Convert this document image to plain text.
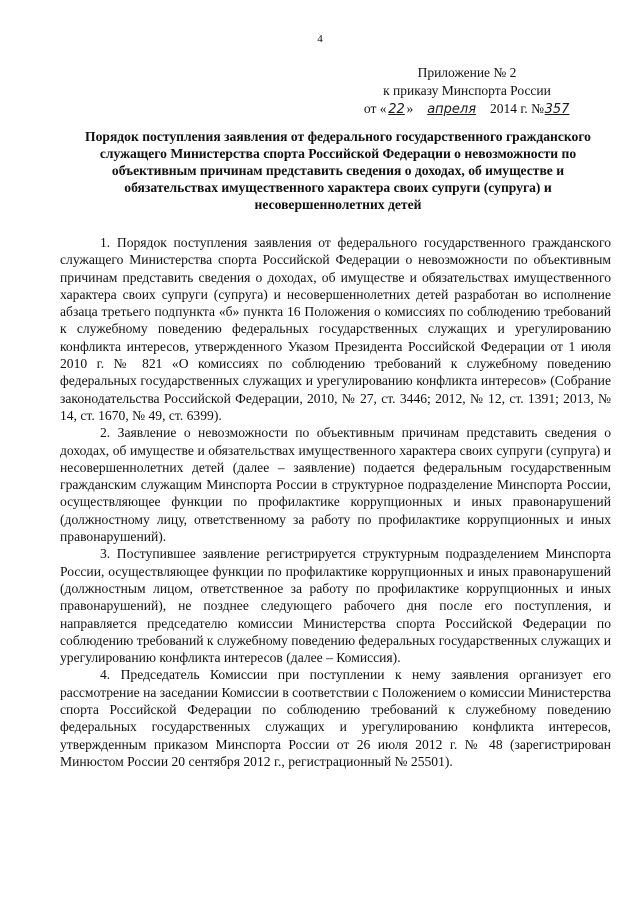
4
Приложение № 2
к приказу Минспорта России
от « 22 » апреля 2014 г. №357
Порядок поступления заявления от федерального государственного гражданского служащего Министерства спорта Российской Федерации о невозможности по объективным причинам представить сведения о доходах, об имуществе и обязательствах имущественного характера своих супруги (супруга) и несовершеннолетних детей

1. Порядок поступления заявления от федерального государственного гражданского служащего Министерства спорта Российской Федерации о невозможности по объективным причинам представить сведения о доходах, об имуществе и обязательствах имущественного характера своих супруги (супруга) и несовершеннолетних детей разработан во исполнение абзаца третьего подпункта «б» пункта 16 Положения о комиссиях по соблюдению требований к служебному поведению федеральных государственных служащих и урегулированию конфликта интересов, утвержденного Указом Президента Российской Федерации от 1 июля 2010 г. № 821 «О комиссиях по соблюдению требований к служебному поведению федеральных государственных служащих и урегулированию конфликта интересов» (Собрание законодательства Российской Федерации, 2010, № 27, ст. 3446; 2012, № 12, ст. 1391; 2013, № 14, ст. 1670, № 49, ст. 6399).

2. Заявление о невозможности по объективным причинам представить сведения о доходах, об имуществе и обязательствах имущественного характера своих супруги (супруга) и несовершеннолетних детей (далее – заявление) подается федеральным государственным гражданским служащим Минспорта России в структурное подразделение Минспорта России, осуществляющее функции по профилактике коррупционных и иных правонарушений (должностному лицу, ответственному за работу по профилактике коррупционных и иных правонарушений).

3. Поступившее заявление регистрируется структурным подразделением Минспорта России, осуществляющее функции по профилактике коррупционных и иных правонарушений (должностным лицом, ответственное за работу по профилактике коррупционных и иных правонарушений), не позднее следующего рабочего дня после его поступления, и направляется председателю комиссии Министерства спорта Российской Федерации по соблюдению требований к служебному поведению федеральных государственных служащих и урегулированию конфликта интересов (далее – Комиссия).

4. Председатель Комиссии при поступлении к нему заявления организует его рассмотрение на заседании Комиссии в соответствии с Положением о комиссии Министерства спорта Российской Федерации по соблюдению требований к служебному поведению федеральных государственных служащих и урегулированию конфликта интересов, утвержденным приказом Минспорта России от 26 июля 2012 г. № 48 (зарегистрирован Минюстом России 20 сентября 2012 г., регистрационный № 25501).
